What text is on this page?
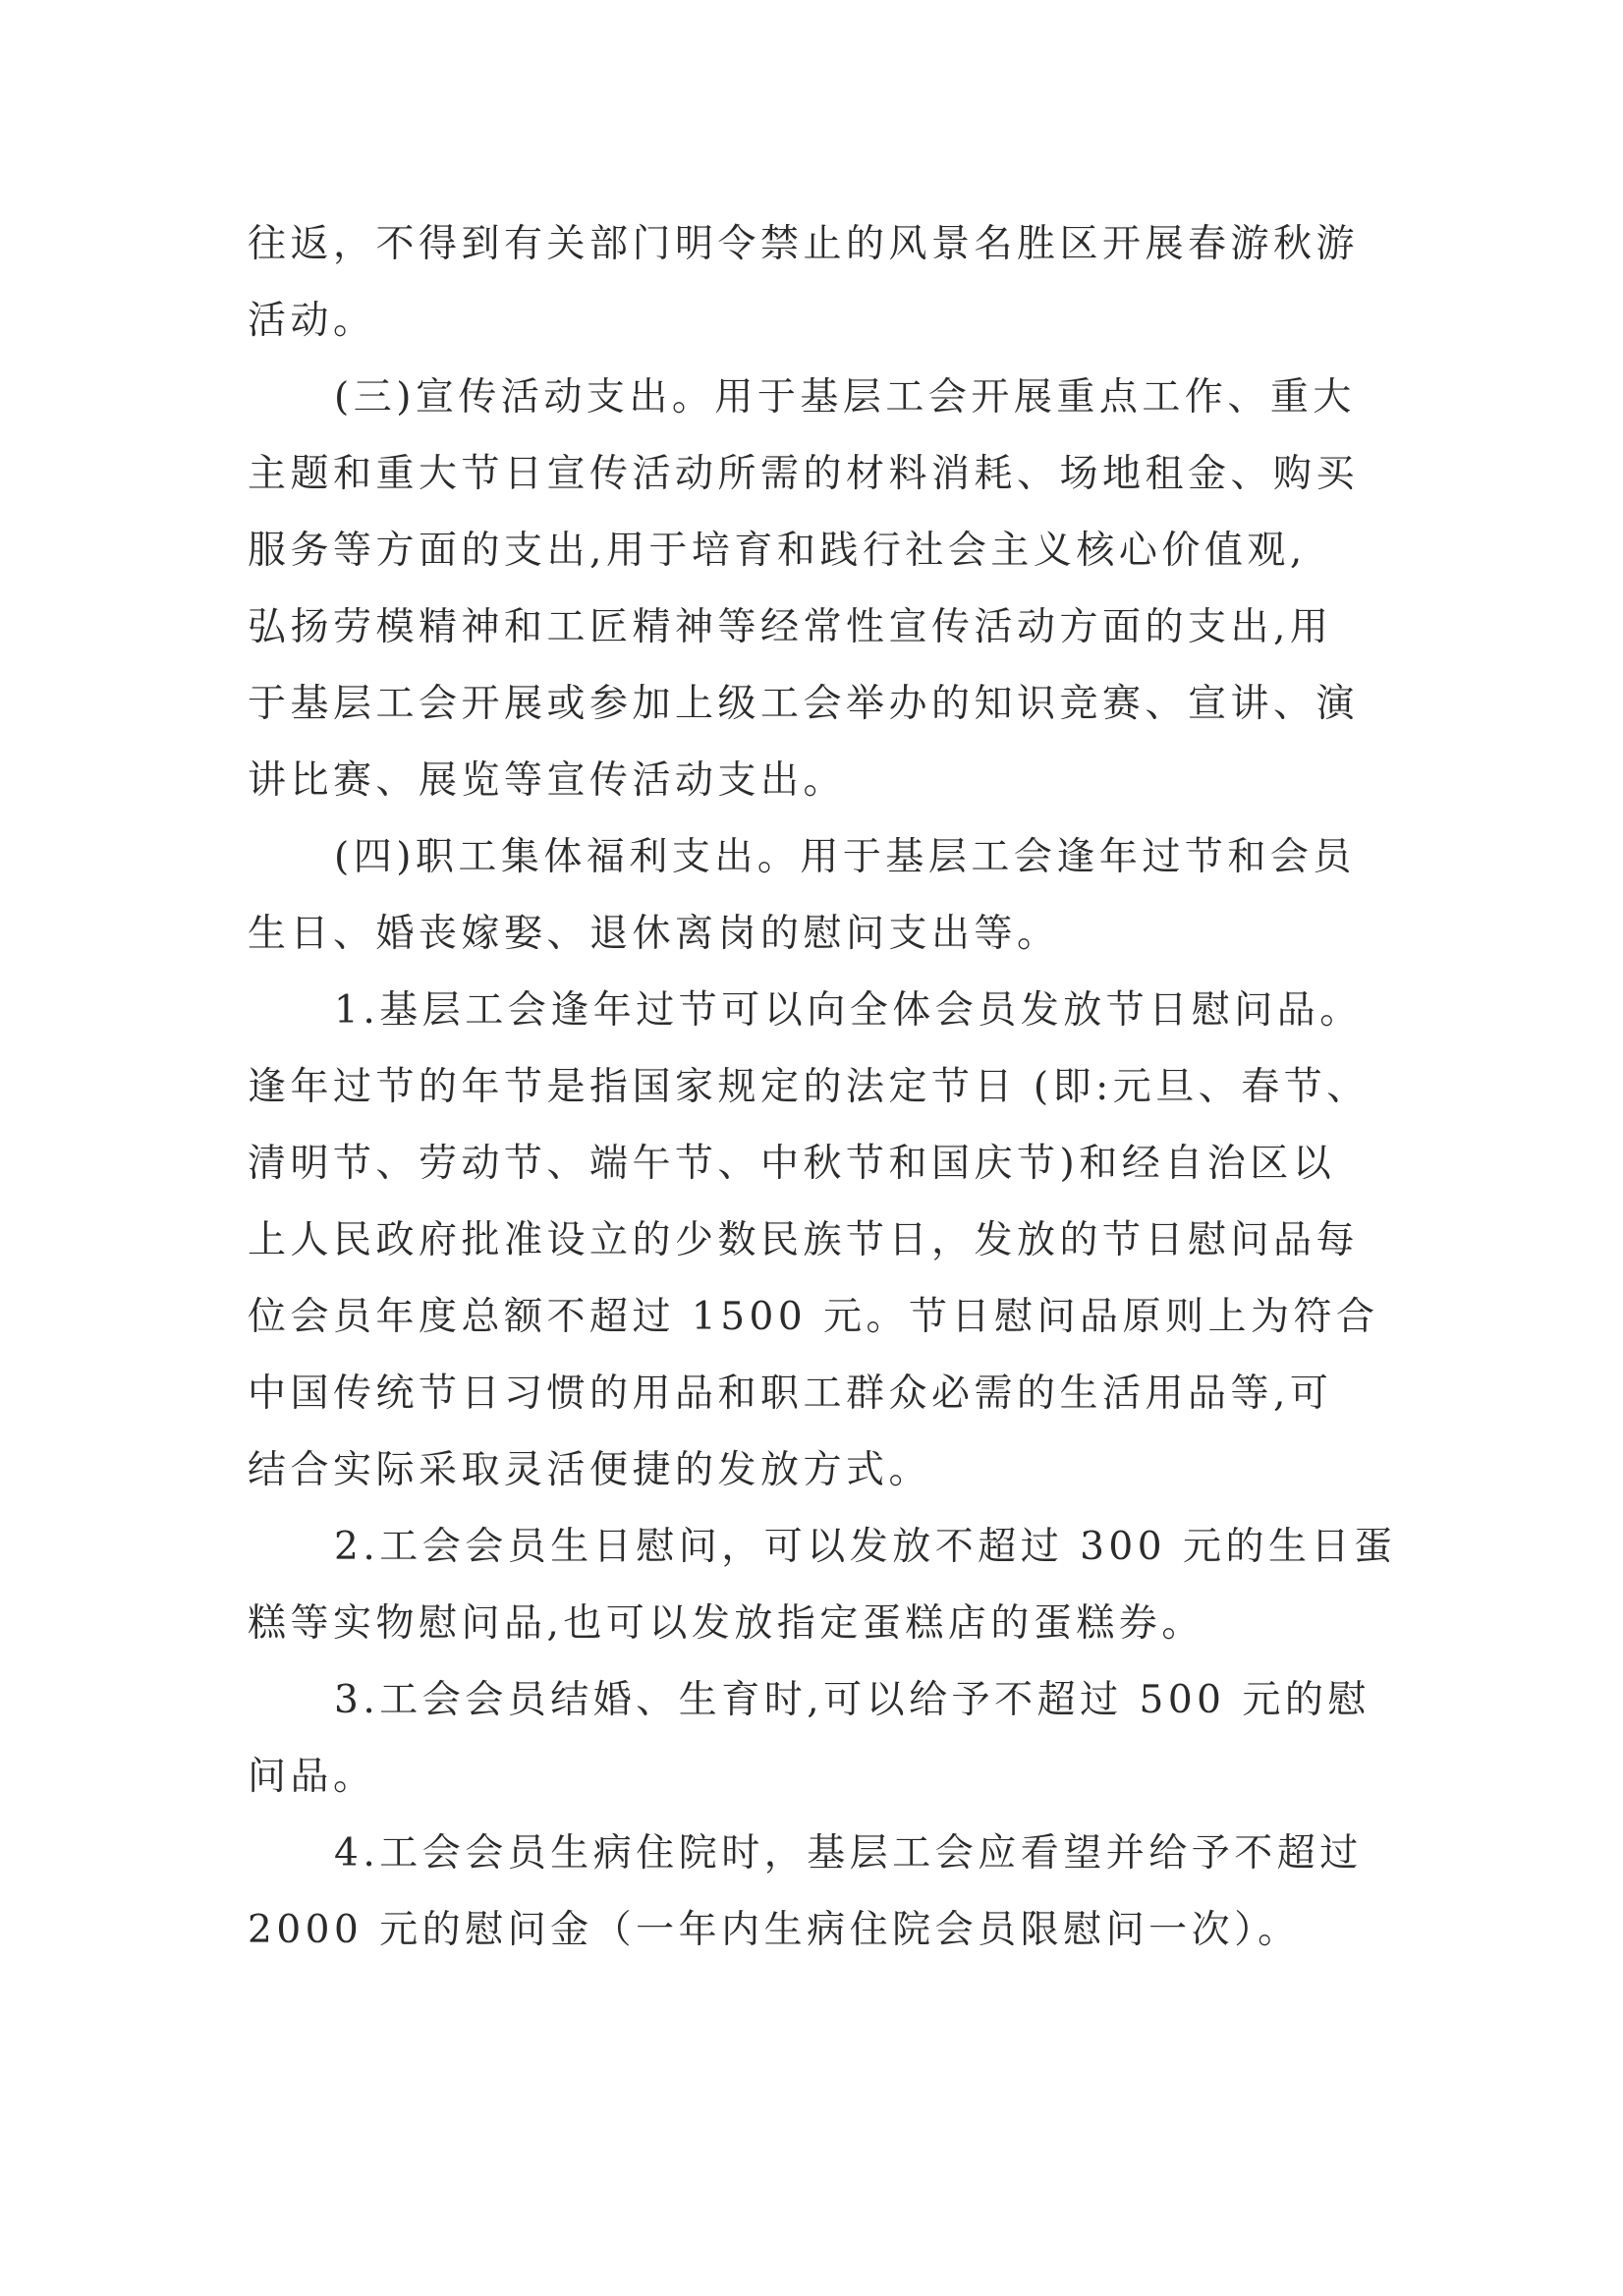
往返，不得到有关部门明令禁止的风景名胜区开展春游秋游
活动。
(三)宣传活动支出。用于基层工会开展重点工作、重大
主题和重大节日宣传活动所需的材料消耗、场地租金、购买
服务等方面的支出,用于培育和践行社会主义核心价值观,
弘扬劳模精神和工匠精神等经常性宣传活动方面的支出,用
于基层工会开展或参加上级工会举办的知识竞赛、宣讲、演
讲比赛、展览等宣传活动支出。
(四)职工集体福利支出。用于基层工会逢年过节和会员
生日、婚丧嫁娶、退休离岗的慰问支出等。
1.基层工会逢年过节可以向全体会员发放节日慰问品。
逢年过节的年节是指国家规定的法定节日 (即:元旦、春节、
清明节、劳动节、端午节、中秋节和国庆节)和经自治区以
上人民政府批准设立的少数民族节日，发放的节日慰问品每
位会员年度总额不超过 1500 元。节日慰问品原则上为符合
中国传统节日习惯的用品和职工群众必需的生活用品等,可
结合实际采取灵活便捷的发放方式。
2.工会会员生日慰问，可以发放不超过 300 元的生日蛋
糕等实物慰问品,也可以发放指定蛋糕店的蛋糕券。
3.工会会员结婚、生育时,可以给予不超过 500 元的慰
问品。
4.工会会员生病住院时，基层工会应看望并给予不超过
2000 元的慰问金（一年内生病住院会员限慰问一次）。
